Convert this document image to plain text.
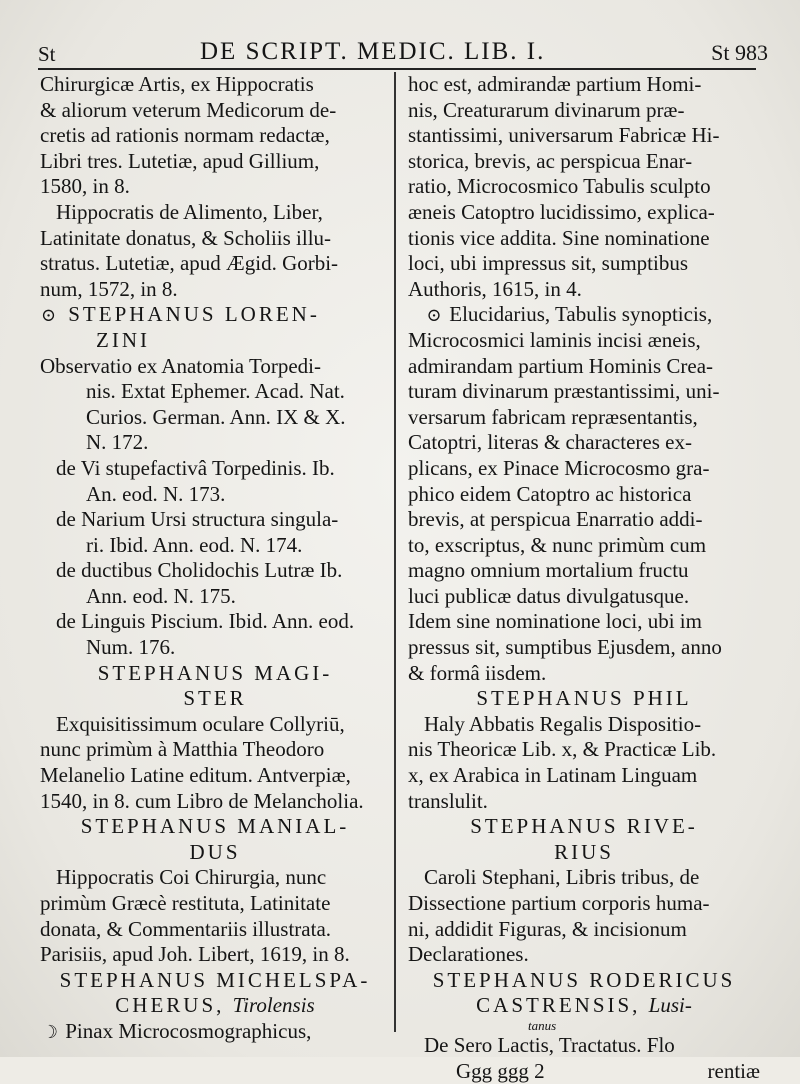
St	DE SCRIPT. MEDIC. LIB. I.	St 983
Chirurgicæ Artis, ex Hippocratis
& aliorum veterum Medicorum de-
cretis ad rationis normam redactæ,
Libri tres. Lutetiæ, apud Gillium,
1580, in 8.
Hippocratis de Alimento, Liber,
Latinitate donatus, & Scholiis illu-
stratus. Lutetiæ, apud Ægid. Gorbi-
num, 1572, in 8.
⊙ STEPHANUS LOREN-
ZINI
Observatio ex Anatomia Torpedi-
nis. Extat Ephemer. Acad. Nat.
Curios. German. Ann. IX & X.
N. 172.
de Vi stupefactivâ Torpedinis. Ib.
An. eod. N. 173.
de Narium Ursi structura singula-
ri. Ibid. Ann. eod. N. 174.
de ductibus Cholidochis Lutræ Ib.
Ann. eod. N. 175.
de Linguis Piscium. Ibid. Ann. eod.
Num. 176.
STEPHANUS MAGI-
STER
Exquisitissimum oculare Collyriū,
nunc primùm à Matthia Theodoro
Melanelio Latine editum. Antverpiæ,
1540, in 8. cum Libro de Melancholia.
STEPHANUS MANIAL-
DUS
Hippocratis Coi Chirurgia, nunc
primùm Græcè restituta, Latinitate
donata, & Commentariis illustrata.
Parisiis, apud Joh. Libert, 1619, in 8.
STEPHANUS MICHELSPA-
CHERUS, Tirolensis
☽ Pinax Microcosmographicus,
hoc est, admirandæ partium Homi-
nis, Creaturarum divinarum præ-
stantissimi, universarum Fabricæ Hi-
storica, brevis, ac perspicua Enar-
ratio, Microcosmico Tabulis sculpto
æneis Catoptro lucidissimo, explica-
tionis vice addita. Sine nominatione
loci, ubi impressus sit, sumptibus
Authoris, 1615, in 4.
⊙ Elucidarius, Tabulis synopticis,
Microcosmici laminis incisi æneis,
admirandam partium Hominis Crea-
turam divinarum præstantissimi, uni-
versarum fabricam repræsentantis,
Catoptri, literas & characteres ex-
plicans, ex Pinace Microcosmo gra-
phico eidem Catoptro ac historica
brevis, at perspicua Enarratio addi-
to, exscriptus, & nunc primùm cum
magno omnium mortalium fructu
luci publicæ datus divulgatusque.
Idem sine nominatione loci, ubi im
pressus sit, sumptibus Ejusdem, anno
& formâ iisdem.
STEPHANUS PHIL
Haly Abbatis Regalis Dispositio-
nis Theoricæ Lib. x, & Practicæ Lib.
x, ex Arabica in Latinam Linguam
translulit.
STEPHANUS RIVE-
RIUS
Caroli Stephani, Libris tribus, de
Dissectione partium corporis huma-
ni, addidit Figuras, & incisionum
Declarationes.
STEPHANUS RODERICUS
CASTRENSIS, Lusi-
tanus
De Sero Lactis, Tractatus. Flo
Ggg ggg 2	rentiæ
